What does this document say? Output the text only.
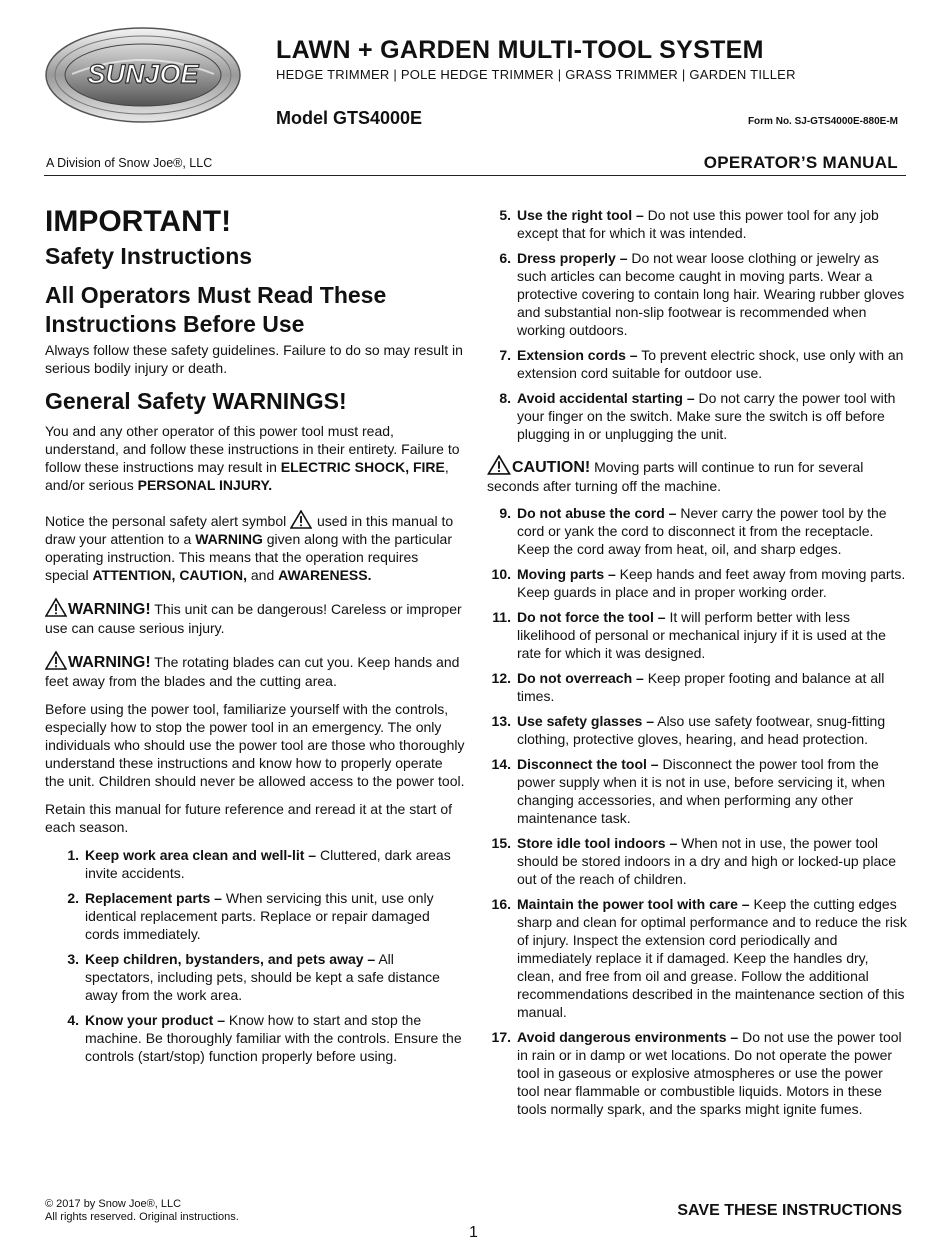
SUNJOE
LAWN + GARDEN MULTI-TOOL SYSTEM
HEDGE TRIMMER | POLE HEDGE TRIMMER | GRASS TRIMMER | GARDEN TILLER
Model GTS4000E	Form No. SJ-GTS4000E-880E-M
A Division of Snow Joe®, LLC	OPERATOR’S MANUAL
IMPORTANT!
Safety Instructions
All Operators Must Read These Instructions Before Use

Always follow these safety guidelines. Failure to do so may result in serious bodily injury or death.

General Safety WARNINGS!

You and any other operator of this power tool must read, understand, and follow these instructions in their entirety. Failure to follow these instructions may result in ELECTRIC SHOCK, FIRE, and/or serious PERSONAL INJURY.

Notice the personal safety alert symbol  used in this manual to draw your attention to a WARNING given along with the particular operating instruction. This means that the operation requires special ATTENTION, CAUTION, and AWARENESS.

WARNING! This unit can be dangerous! Careless or improper use can cause serious injury.

WARNING! The rotating blades can cut you. Keep hands and feet away from the blades and the cutting area.

Before using the power tool, familiarize yourself with the controls, especially how to stop the power tool in an emergency. The only individuals who should use the power tool are those who thoroughly understand these instructions and know how to properly operate the unit. Children should never be allowed access to the power tool.

Retain this manual for future reference and reread it at the start of each season.

1. Keep work area clean and well-lit – Cluttered, dark areas invite accidents.
2. Replacement parts – When servicing this unit, use only identical replacement parts. Replace or repair damaged cords immediately.
3. Keep children, bystanders, and pets away – All spectators, including pets, should be kept a safe distance away from the work area.
4. Know your product – Know how to start and stop the machine. Be thoroughly familiar with the controls. Ensure the controls (start/stop) function properly before using.
5. Use the right tool – Do not use this power tool for any job except that for which it was intended.
6. Dress properly – Do not wear loose clothing or jewelry as such articles can become caught in moving parts. Wear a protective covering to contain long hair. Wearing rubber gloves and substantial non-slip footwear is recommended when working outdoors.
7. Extension cords – To prevent electric shock, use only with an extension cord suitable for outdoor use.
8. Avoid accidental starting – Do not carry the power tool with your finger on the switch. Make sure the switch is off before plugging in or unplugging the unit.

CAUTION! Moving parts will continue to run for several seconds after turning off the machine.

9. Do not abuse the cord – Never carry the power tool by the cord or yank the cord to disconnect it from the receptacle. Keep the cord away from heat, oil, and sharp edges.
10. Moving parts – Keep hands and feet away from moving parts. Keep guards in place and in proper working order.
11. Do not force the tool – It will perform better with less likelihood of personal or mechanical injury if it is used at the rate for which it was designed.
12. Do not overreach – Keep proper footing and balance at all times.
13. Use safety glasses – Also use safety footwear, snug-fitting clothing, protective gloves, hearing, and head protection.
14. Disconnect the tool – Disconnect the power tool from the power supply when it is not in use, before servicing it, when changing accessories, and when performing any other maintenance task.
15. Store idle tool indoors – When not in use, the power tool should be stored indoors in a dry and high or locked-up place out of the reach of children.
16. Maintain the power tool with care – Keep the cutting edges sharp and clean for optimal performance and to reduce the risk of injury. Inspect the extension cord periodically and immediately replace it if damaged. Keep the handles dry, clean, and free from oil and grease. Follow the additional recommendations described in the maintenance section of this manual.
17. Avoid dangerous environments – Do not use the power tool in rain or in damp or wet locations. Do not operate the power tool in gaseous or explosive atmospheres or use the power tool near flammable or combustible liquids. Motors in these tools normally spark, and the sparks might ignite fumes.
© 2017 by Snow Joe®, LLC
All rights reserved. Original instructions.	SAVE THESE INSTRUCTIONS
1
